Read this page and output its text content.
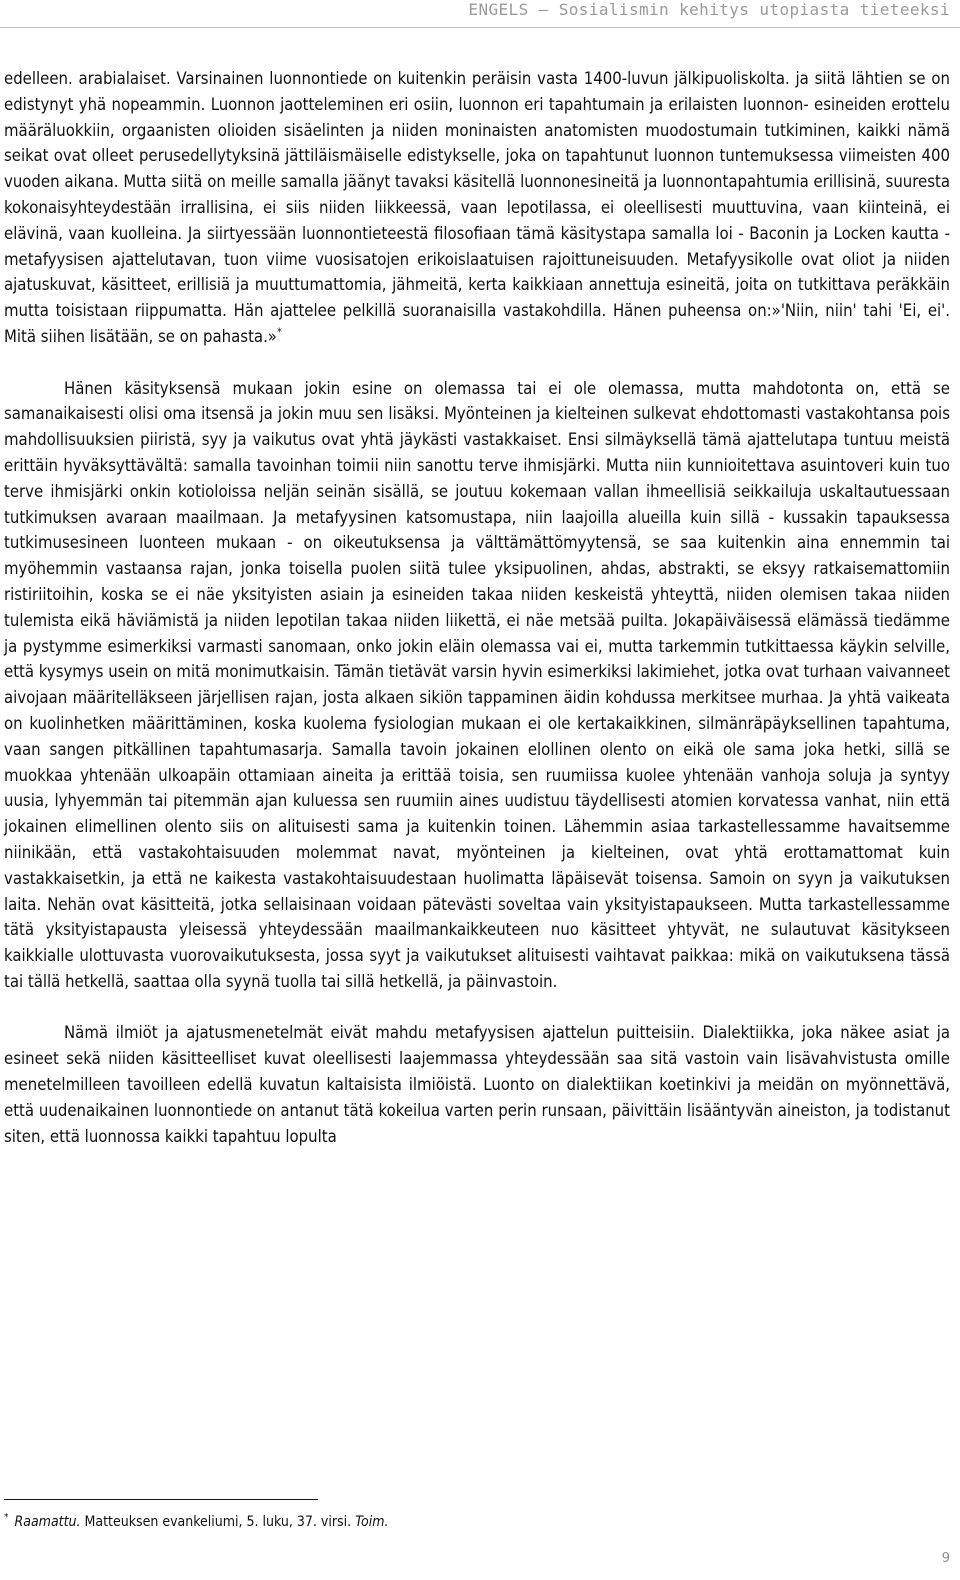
ENGELS – Sosialismin kehitys utopiasta tieteeksi

edelleen. arabialaiset. Varsinainen luonnontiede on kuitenkin peräisin vasta 1400-luvun jälkipuoliskolta. ja siitä lähtien se on edistynyt yhä nopeammin. Luonnon jaotteleminen eri osiin, luonnon eri tapahtumain ja erilaisten luonnon- esineiden erottelu määräluokkiin, orgaanisten olioiden sisäelinten ja niiden moninaisten anatomisten muodostumain tutkiminen, kaikki nämä seikat ovat olleet perusedellytyksinä jättiläismäiselle edistykselle, joka on tapahtunut luonnon tuntemuksessa viimeisten 400 vuoden aikana. Mutta siitä on meille samalla jäänyt tavaksi käsitellä luonnonesineitä ja luonnontapahtumia erillisinä, suuresta kokonaisyhteydestään irrallisina, ei siis niiden liikkeessä, vaan lepotilassa, ei oleellisesti muuttuvina, vaan kiinteinä, ei elävinä, vaan kuolleina. Ja siirtyessään luonnontieteestä filosofiaan tämä käsitystapa samalla loi - Baconin ja Locken kautta - metafyysisen ajattelutavan, tuon viime vuosisatojen erikoislaatuisen rajoittuneisuuden. Metafyysikolle ovat oliot ja niiden ajatuskuvat, käsitteet, erillisiä ja muuttumattomia, jähmeitä, kerta kaikkiaan annettuja esineitä, joita on tutkittava peräkkäin mutta toisistaan riippumatta. Hän ajattelee pelkillä suoranaisilla vastakohdilla. Hänen puheensa on:»'Niin, niin' tahi 'Ei, ei'. Mitä siihen lisätään, se on pahasta.»*

Hänen käsityksensä mukaan jokin esine on olemassa tai ei ole olemassa, mutta mahdotonta on, että se samanaikaisesti olisi oma itsensä ja jokin muu sen lisäksi. Myönteinen ja kielteinen sulkevat ehdottomasti vastakohtansa pois mahdollisuuksien piiristä, syy ja vaikutus ovat yhtä jäykästi vastakkaiset. Ensi silmäyksellä tämä ajattelutapa tuntuu meistä erittäin hyväksyttävältä: samalla tavoinhan toimii niin sanottu terve ihmisjärki. Mutta niin kunnioitettava asuintoveri kuin tuo terve ihmisjärki onkin kotioloissa neljän seinän sisällä, se joutuu kokemaan vallan ihmeellisiä seikkailuja uskaltautuessaan tutkimuksen avaraan maailmaan. Ja metafyysinen katsomustapa, niin laajoilla alueilla kuin sillä - kussakin tapauksessa tutkimusesineen luonteen mukaan - on oikeutuksensa ja välttämättömyytensä, se saa kuitenkin aina ennemmin tai myöhemmin vastaansa rajan, jonka toisella puolen siitä tulee yksipuolinen, ahdas, abstrakti, se eksyy ratkaisemattomiin ristiriitoihin, koska se ei näe yksityisten asiain ja esineiden takaa niiden keskeistä yhteyttä, niiden olemisen takaa niiden tulemista eikä häviämistä ja niiden lepotilan takaa niiden liikettä, ei näe metsää puilta. Jokapäiväisessä elämässä tiedämme ja pystymme esimerkiksi varmasti sanomaan, onko jokin eläin olemassa vai ei, mutta tarkemmin tutkittaessa käykin selville, että kysymys usein on mitä monimutkaisin. Tämän tietävät varsin hyvin esimerkiksi lakimiehet, jotka ovat turhaan vaivanneet aivojaan määritelläkseen järjellisen rajan, josta alkaen sikiön tappaminen äidin kohdussa merkitsee murhaa. Ja yhtä vaikeata on kuolinhetken määrittäminen, koska kuolema fysiologian mukaan ei ole kertakaikkinen, silmänräpäyksellinen tapahtuma, vaan sangen pitkällinen tapahtumasarja. Samalla tavoin jokainen elollinen olento on eikä ole sama joka hetki, sillä se muokkaa yhtenään ulkoapäin ottamiaan aineita ja erittää toisia, sen ruumiissa kuolee yhtenään vanhoja soluja ja syntyy uusia, lyhyemmän tai pitemmän ajan kuluessa sen ruumiin aines uudistuu täydellisesti atomien korvatessa vanhat, niin että jokainen elimellinen olento siis on alituisesti sama ja kuitenkin toinen. Lähemmin asiaa tarkastellessamme havaitsemme niinikään, että vastakohtaisuuden molemmat navat, myönteinen ja kielteinen, ovat yhtä erottamattomat kuin vastakkaisetkin, ja että ne kaikesta vastakohtaisuudestaan huolimatta läpäisevät toisensa. Samoin on syyn ja vaikutuksen laita. Nehän ovat käsitteitä, jotka sellaisinaan voidaan pätevästi soveltaa vain yksityistapaukseen. Mutta tarkastellessamme tätä yksityistapausta yleisessä yhteydessään maailmankaikkeuteen nuo käsitteet yhtyvät, ne sulautuvat käsitykseen kaikkialle ulottuvasta vuorovaikutuksesta, jossa syyt ja vaikutukset alituisesti vaihtavat paikkaa: mikä on vaikutuksena tässä tai tällä hetkellä, saattaa olla syynä tuolla tai sillä hetkellä, ja päinvastoin.

Nämä ilmiöt ja ajatusmenetelmät eivät mahdu metafyysisen ajattelun puitteisiin. Dialektiikka, joka näkee asiat ja esineet sekä niiden käsitteelliset kuvat oleellisesti laajemmassa yhteydessään saa sitä vastoin vain lisävahvistusta omille menetelmilleen tavoilleen edellä kuvatun kaltaisista ilmiöistä. Luonto on dialektiikan koetinkivi ja meidän on myönnettävä, että uudenaikainen luonnontiede on antanut tätä kokeilua varten perin runsaan, päivittäin lisääntyvän aineiston, ja todistanut siten, että luonnossa kaikki tapahtuu lopulta

* Raamattu. Matteuksen evankeliumi, 5. luku, 37. virsi. Toim.
9
